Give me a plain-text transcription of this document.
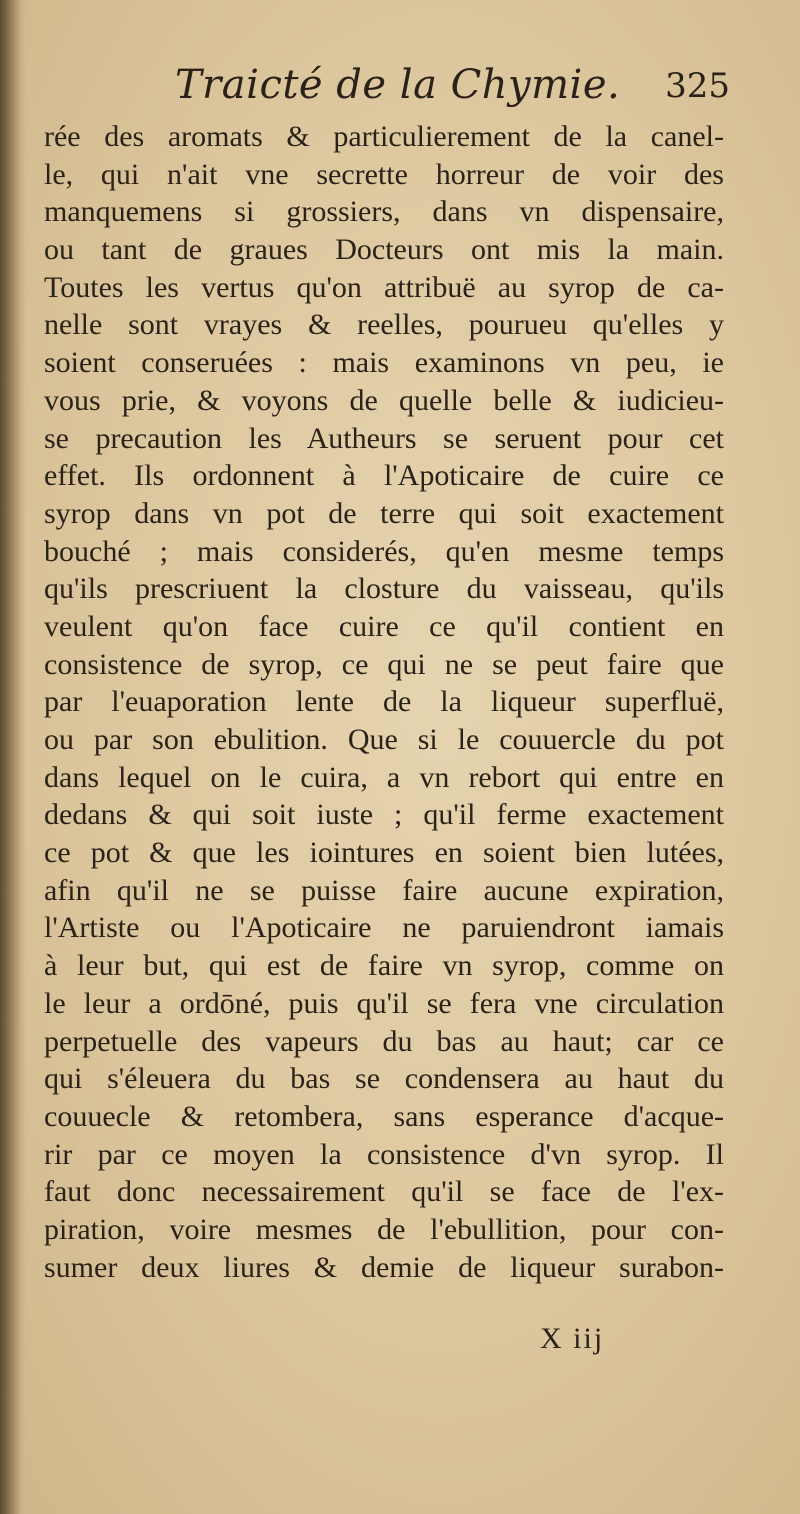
Traicté de la Chymie. 325
rée des aromats & particulierement de la canel-
le, qui n'ait vne secrette horreur de voir des
manquemens si grossiers, dans vn dispensaire,
ou tant de graues Docteurs ont mis la main.
Toutes les vertus qu'on attribuë au syrop de ca-
nelle sont vrayes & reelles, pourueu qu'elles y
soient conseruées : mais examinons vn peu, ie
vous prie, & voyons de quelle belle & iudicieu-
se precaution les Autheurs se seruent pour cet
effet. Ils ordonnent à l'Apoticaire de cuire ce
syrop dans vn pot de terre qui soit exactement
bouché ; mais considerés, qu'en mesme temps
qu'ils prescriuent la closture du vaisseau, qu'ils
veulent qu'on face cuire ce qu'il contient en
consistence de syrop, ce qui ne se peut faire que
par l'euaporation lente de la liqueur superfluë,
ou par son ebulition. Que si le couuercle du pot
dans lequel on le cuira, a vn rebort qui entre en
dedans & qui soit iuste ; qu'il ferme exactement
ce pot & que les iointures en soient bien lutées,
afin qu'il ne se puisse faire aucune expiration,
l'Artiste ou l'Apoticaire ne paruiendront iamais
à leur but, qui est de faire vn syrop, comme on
le leur a ordōné, puis qu'il se fera vne circulation
perpetuelle des vapeurs du bas au haut; car ce
qui s'éleuera du bas se condensera au haut du
couuecle & retombera, sans esperance d'acque-
rir par ce moyen la consistence d'vn syrop. Il
faut donc necessairement qu'il se face de l'ex-
piration, voire mesmes de l'ebullition, pour con-
sumer deux liures & demie de liqueur surabon-
X iij
